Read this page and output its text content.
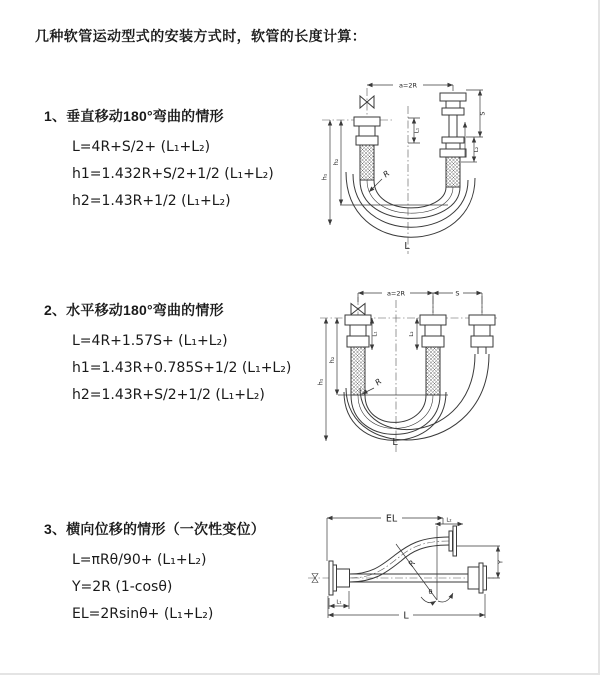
几种软管运动型式的安装方式时，软管的长度计算：
1、垂直移动180°弯曲的情形
L=4R+S/2+ (L₁+L₂)
h1=1.432R+S/2+1/2 (L₁+L₂)
h2=1.43R+1/2 (L₁+L₂)
a=2R
h₁
h₂
L₁
S
L₂
R
L
2、水平移动180°弯曲的情形
L=4R+1.57S+ (L₁+L₂)
h1=1.43R+0.785S+1/2 (L₁+L₂)
h2=1.43R+S/2+1/2 (L₁+L₂)
a=2R	S
h₁
h₂
L₁	L₂
R
L
3、横向位移的情形（一次性变位）
L=πRθ/90+ (L₁+L₂)
Y=2R (1-cosθ)
EL=2Rsinθ+ (L₁+L₂)
EL	L₂
Y
L
L₁
R
θ
